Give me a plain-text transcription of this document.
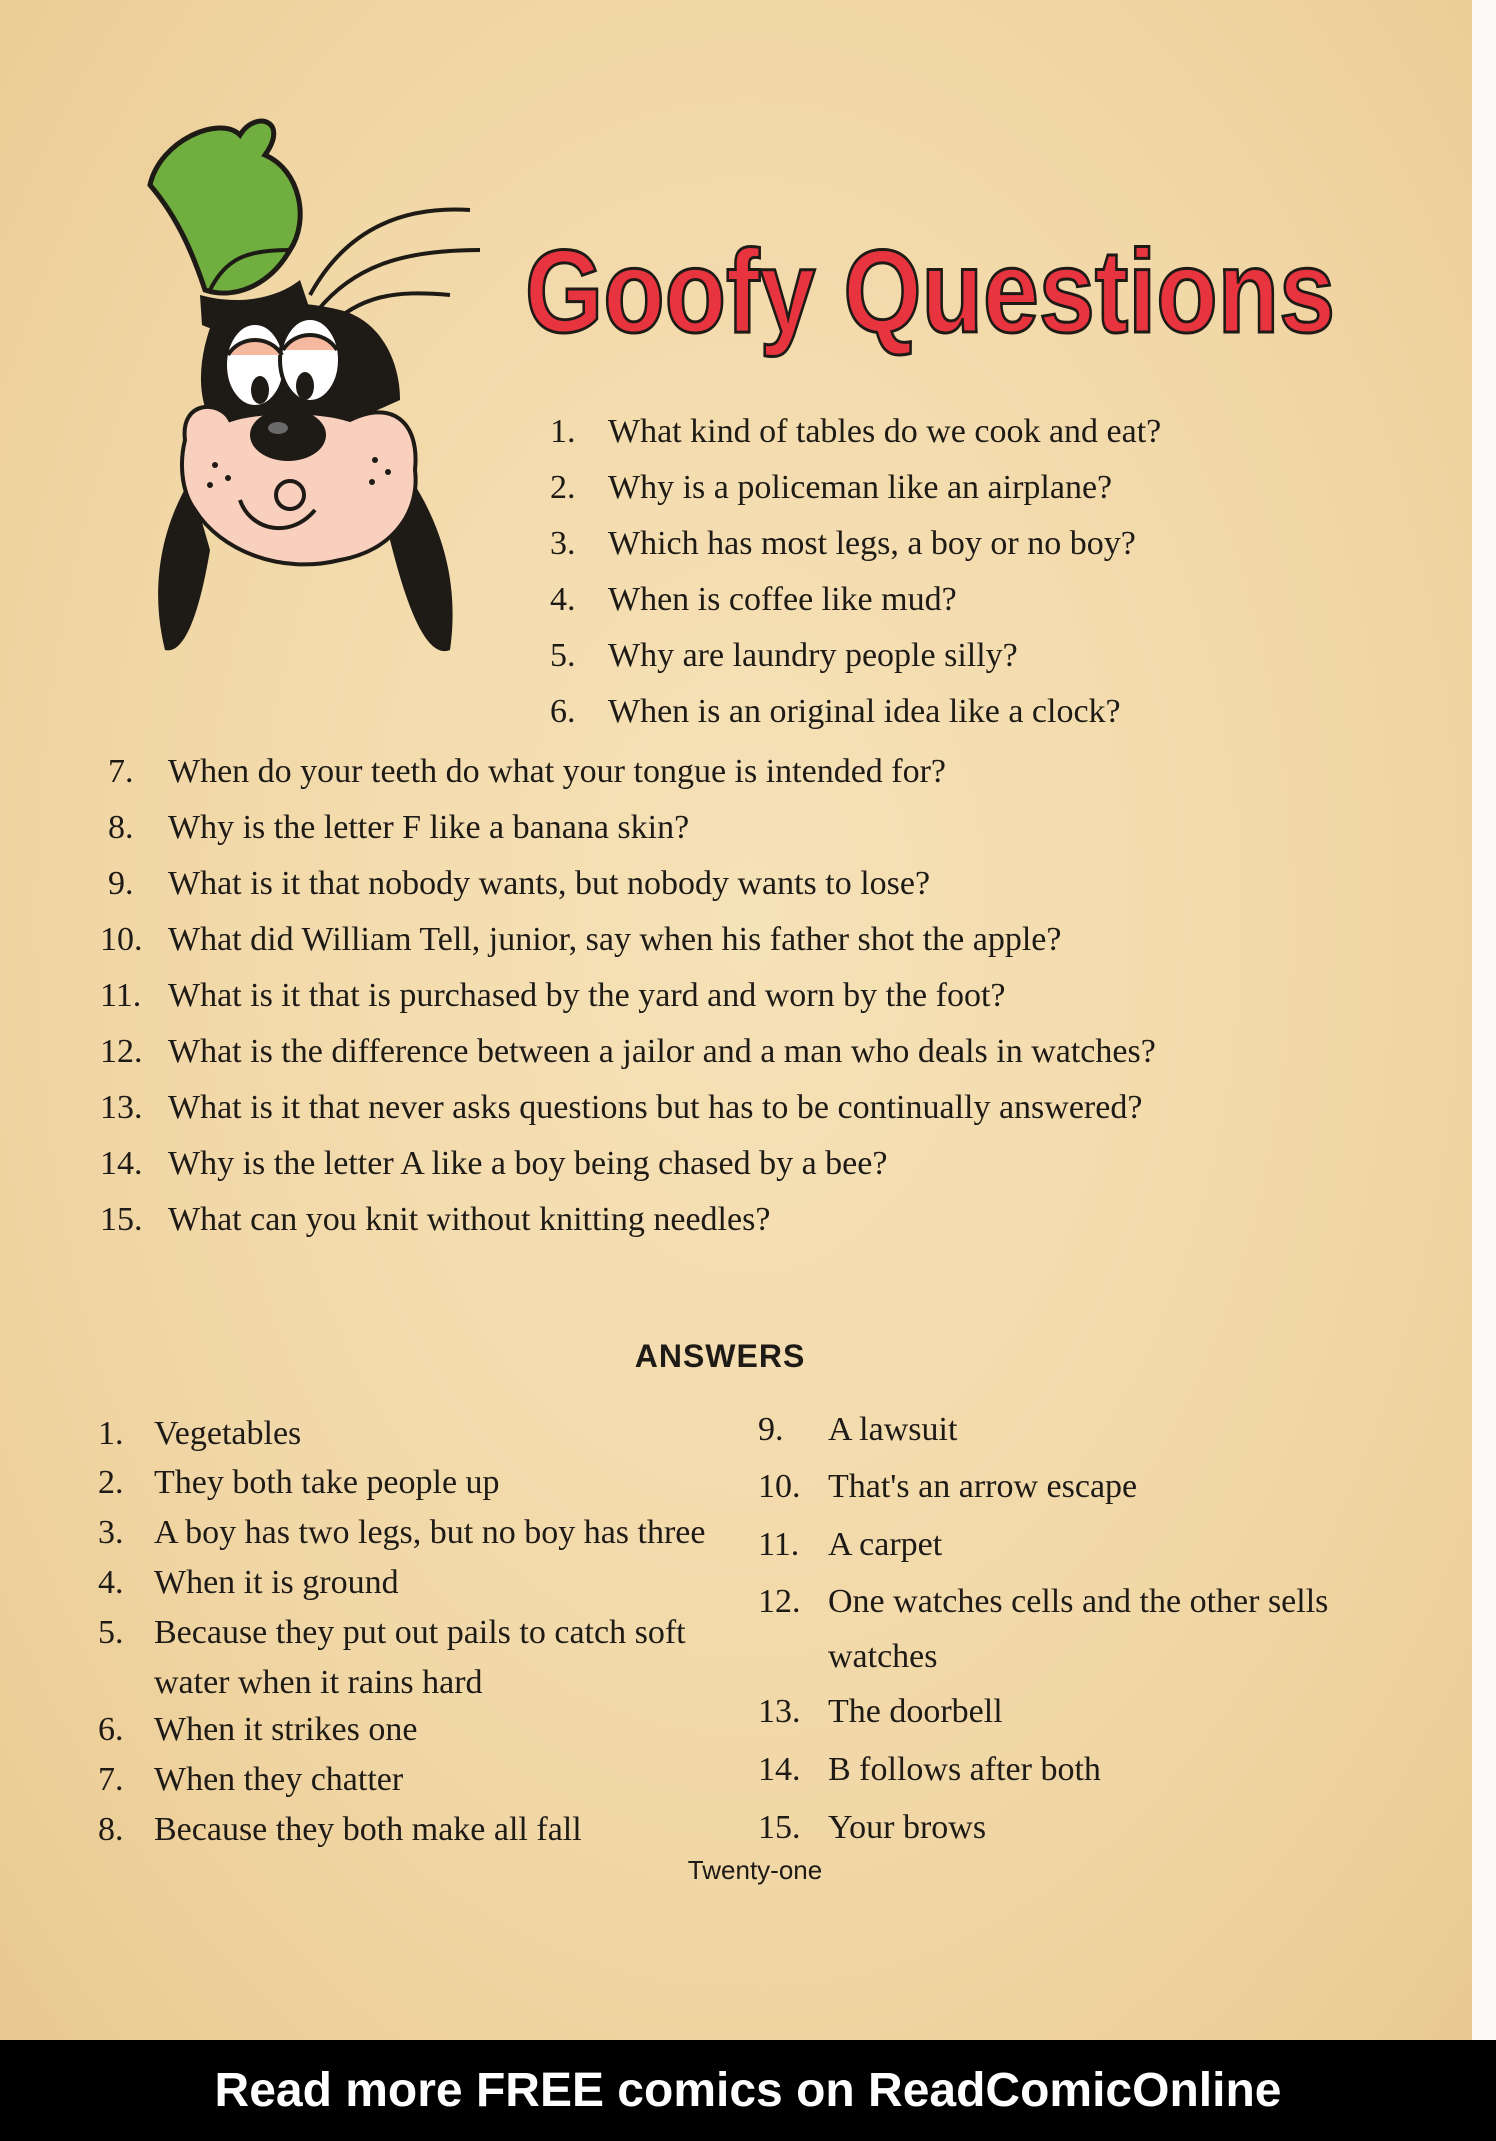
Goofy Questions
1. What kind of tables do we cook and eat?
2. Why is a policeman like an airplane?
3. Which has most legs, a boy or no boy?
4. When is coffee like mud?
5. Why are laundry people silly?
6. When is an original idea like a clock?
7. When do your teeth do what your tongue is intended for?
8. Why is the letter F like a banana skin?
9. What is it that nobody wants, but nobody wants to lose?
10. What did William Tell, junior, say when his father shot the apple?
11. What is it that is purchased by the yard and worn by the foot?
12. What is the difference between a jailor and a man who deals in watches?
13. What is it that never asks questions but has to be continually answered?
14. Why is the letter A like a boy being chased by a bee?
15. What can you knit without knitting needles?
ANSWERS
1. Vegetables
2. They both take people up
3. A boy has two legs, but no boy has three
4. When it is ground
5. Because they put out pails to catch soft
water when it rains hard
6. When it strikes one
7. When they chatter
8. Because they both make all fall
9. A lawsuit
10. That's an arrow escape
11. A carpet
12. One watches cells and the other sells
watches
13. The doorbell
14. B follows after both
15. Your brows
Twenty-one
Read more FREE comics on ReadComicOnline
